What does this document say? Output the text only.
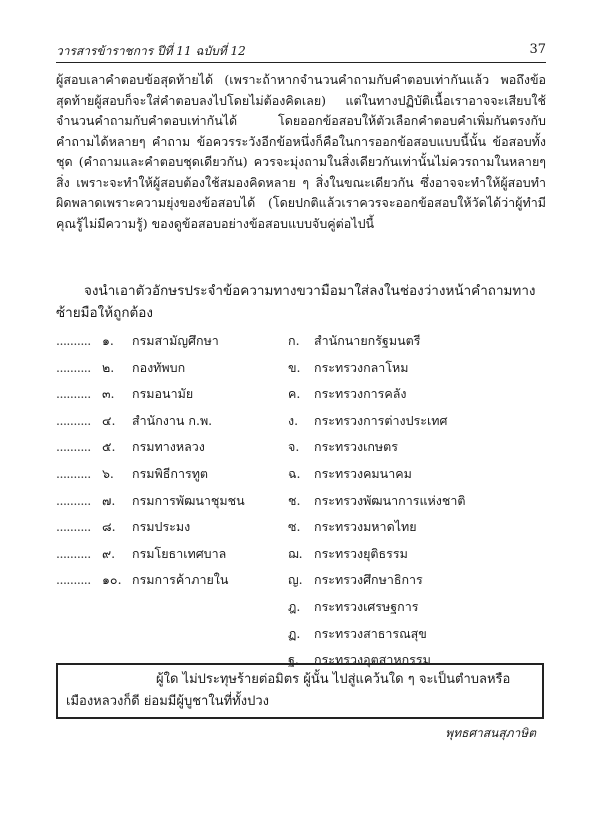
วารสารข้าราชการ ปีที่ 11 ฉบับที่ 12	37

ผู้สอบเลาคำตอบข้อสุดท้ายได้ (เพราะถ้าหากจำนวนคำถามกับคำตอบเท่ากันแล้ว พอถึงข้อสุดท้ายผู้สอบก็จะใส่คำตอบลงไปโดยไม่ต้องคิดเลย) แต่ในทางปฏิบัติเนื้อเราอาจจะเสียบใช้จำนวนคำถามกับคำตอบเท่ากันได้ โดยออกข้อสอบให้ตัวเลือกคำตอบคำเพิ่มกันตรงกับคำถามได้หลายๆ คำถาม ข้อควรระวังอีกข้อหนึ่งก็คือในการออกข้อสอบแบบนี้นั้น ข้อสอบทั้งชุด (คำถามและคำตอบชุดเดียวกัน) ควรจะมุ่งถามในสิ่งเดียวกันเท่านั้นไม่ควรถามในหลายๆ สิ่ง เพราะจะทำให้ผู้สอบต้องใช้สมองคิดหลาย ๆ สิ่งในขณะเดียวกัน ซึ่งอาจจะทำให้ผู้สอบทำผิดพลาดเพราะความยุ่งของข้อสอบได้ (โดยปกติแล้วเราควรจะออกข้อสอบให้วัดได้ว่าผู้ทำมีคุณรู้ไม่มีความรู้) ของดูข้อสอบอย่างข้อสอบแบบจับคู่ต่อไปนี้

จงนำเอาตัวอักษรประจำข้อความทางขวามือมาใส่ลงในช่องว่างหน้าคำถามทางซ้ายมือให้ถูกต้อง

.......... ๑. กรมสามัญศึกษา
.......... ๒. กองทัพบก
.......... ๓. กรมอนามัย
.......... ๔. สำนักงาน ก.พ.
.......... ๕. กรมทางหลวง
.......... ๖. กรมพิธีการทูต
.......... ๗. กรมการพัฒนาชุมชน
.......... ๘. กรมประมง
.......... ๙. กรมโยธาเทศบาล
.......... ๑๐. กรมการค้าภายใน
ก. สำนักนายกรัฐมนตรี
ข. กระทรวงกลาโหม
ค. กระทรวงการคลัง
ง. กระทรวงการต่างประเทศ
จ. กระทรวงเกษตร
ฉ. กระทรวงคมนาคม
ช. กระทรวงพัฒนาการแห่งชาติ
ซ. กระทรวงมหาดไทย
ฌ. กระทรวงยุติธรรม
ญ. กระทรวงศึกษาธิการ
ฎ. กระทรวงเศรษฐการ
ฏ. กระทรวงสาธารณสุข
ฐ. กระทรวงอุตสาหกรรม

ผู้ใด ไม่ประทุษร้ายต่อมิตร ผู้นั้น ไปสู่แคว้นใด ๆ จะเป็นตำบลหรือ

เมืองหลวงก็ดี ย่อมมีผู้บูชาในที่ทั้งปวง

พุทธศาสนสุภาษิต
